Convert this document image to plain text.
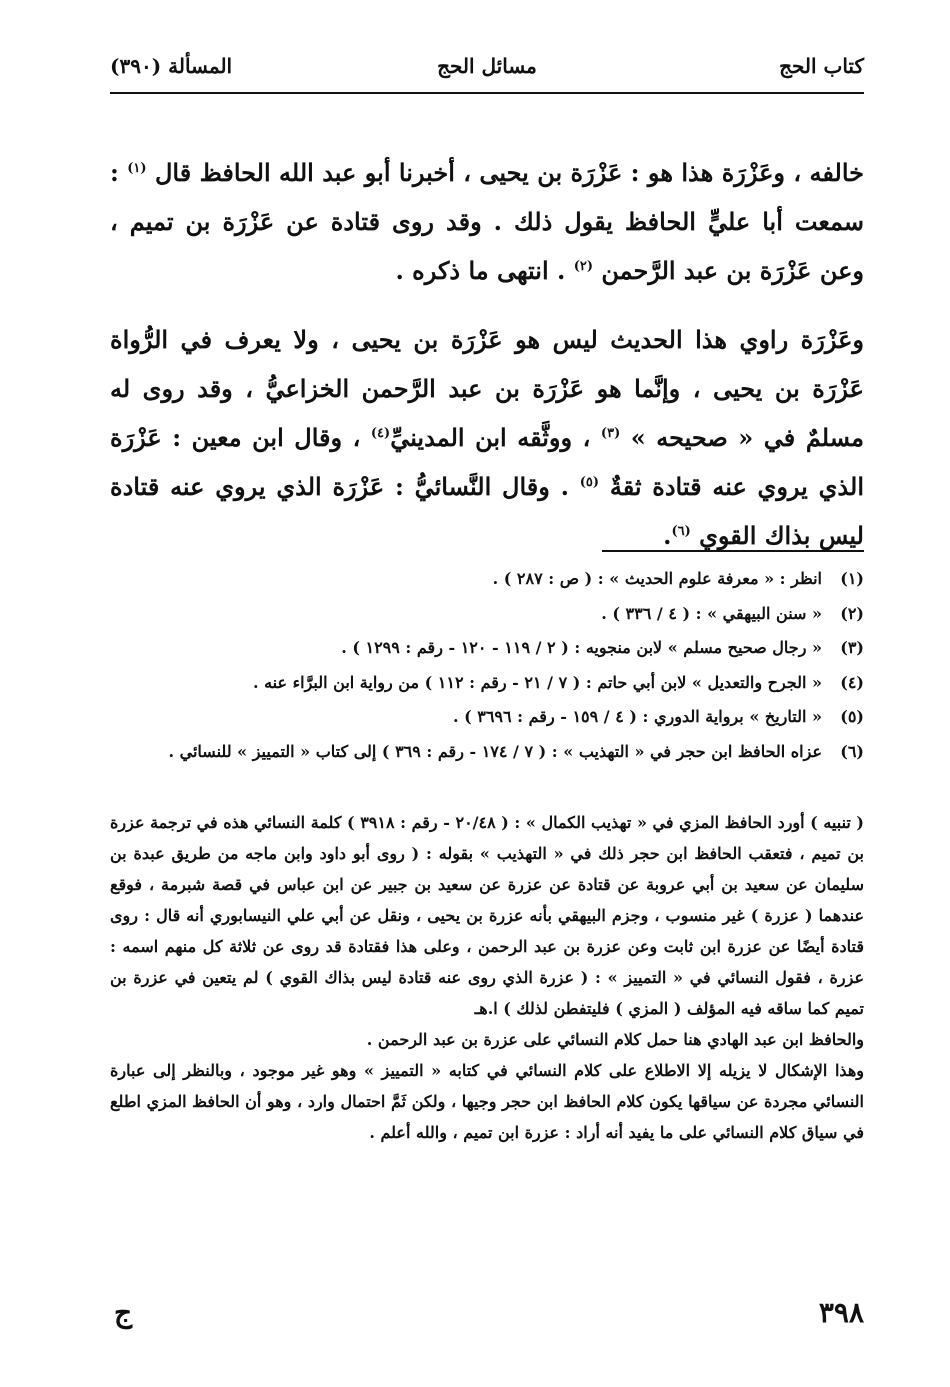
كتاب الحج
مسائل الحج
المسألة (٣٩٠)

خالفه ، وعَزْرَة هذا هو : عَزْرَة بن يحيى ، أخبرنا أبو عبد الله الحافظ قال $^{(١)}$ : سمعت أبا عليٍّ الحافظ يقول ذلك . وقد روى قتادة عن عَزْرَة بن تميم ، وعن عَزْرَة بن عبد الرَّحمن $^{(٢)}$ . انتهى ما ذكره .

وعَزْرَة راوي هذا الحديث ليس هو عَزْرَة بن يحيى ، ولا يعرف في الرُّواة عَزْرَة بن يحيى ، وإنَّما هو عَزْرَة بن عبد الرَّحمن الخزاعيُّ ، وقد روى له مسلمٌ في « صحيحه » $^{(٣)}$ ، ووثَّقه ابن المدينيِّ$^{(٤)}$ ، وقال ابن معين : عَزْرَة الذي يروي عنه قتادة ثقةٌ $^{(٥)}$ . وقال النَّسائيُّ : عَزْرَة الذي يروي عنه قتادة ليس بذاك القوي $^{(٦)}$.

(١)
انظر : « معرفة علوم الحديث » : ( ص : ٢٨٧ ) .

(٢)
« سنن البيهقي » : ( ٤ / ٣٣٦ ) .

(٣)
« رجال صحيح مسلم » لابن منجويه : ( ٢ / ١١٩ - ١٢٠ - رقم : ١٢٩٩ ) .

(٤)
« الجرح والتعديل » لابن أبي حاتم : ( ٧ / ٢١ - رقم : ١١٢ ) من رواية ابن البرَّاء عنه .

(٥)
« التاريخ » برواية الدوري : ( ٤ / ١٥٩ - رقم : ٣٦٩٦ ) .

(٦)
عزاه الحافظ ابن حجر في « التهذيب » : ( ٧ / ١٧٤ - رقم : ٣٦٩ ) إلى كتاب « التمييز » للنسائي .

( تنبيه ) أورد الحافظ المزي في « تهذيب الكمال » : ( ٢٠/٤٨ - رقم : ٣٩١٨ ) كلمة النسائي هذه في ترجمة عزرة بن تميم ، فتعقب الحافظ ابن حجر ذلك في « التهذيب » بقوله : ( روى أبو داود وابن ماجه من طريق عبدة بن سليمان عن سعيد بن أبي عروبة عن قتادة عن عزرة عن سعيد بن جبير عن ابن عباس في قصة شبرمة ، فوقع عندهما ( عزرة ) غير منسوب ، وجزم البيهقي بأنه عزرة بن يحيى ، ونقل عن أبي علي النيسابوري أنه قال : روى قتادة أيضًا عن عزرة ابن ثابت وعن عزرة بن عبد الرحمن ، وعلى هذا فقتادة قد روى عن ثلاثة كل منهم اسمه : عزرة ، فقول النسائي في « التمييز » : ( عزرة الذي روى عنه قتادة ليس بذاك القوي ) لم يتعين في عزرة بن تميم كما ساقه فيه المؤلف ( المزي ) فليتفطن لذلك ) ا.هـ

والحافظ ابن عبد الهادي هنا حمل كلام النسائي على عزرة بن عبد الرحمن .

وهذا الإشكال لا يزيله إلا الاطلاع على كلام النسائي في كتابه « التمييز » وهو غير موجود ، وبالنظر إلى عبارة النسائي مجردة عن سياقها يكون كلام الحافظ ابن حجر وجيها ، ولكن ثَمَّ احتمال وارد ، وهو أن الحافظ المزي اطلع في سياق كلام النسائي على ما يفيد أنه أراد : عزرة ابن تميم ، والله أعلم .

٣٩٨
ج
